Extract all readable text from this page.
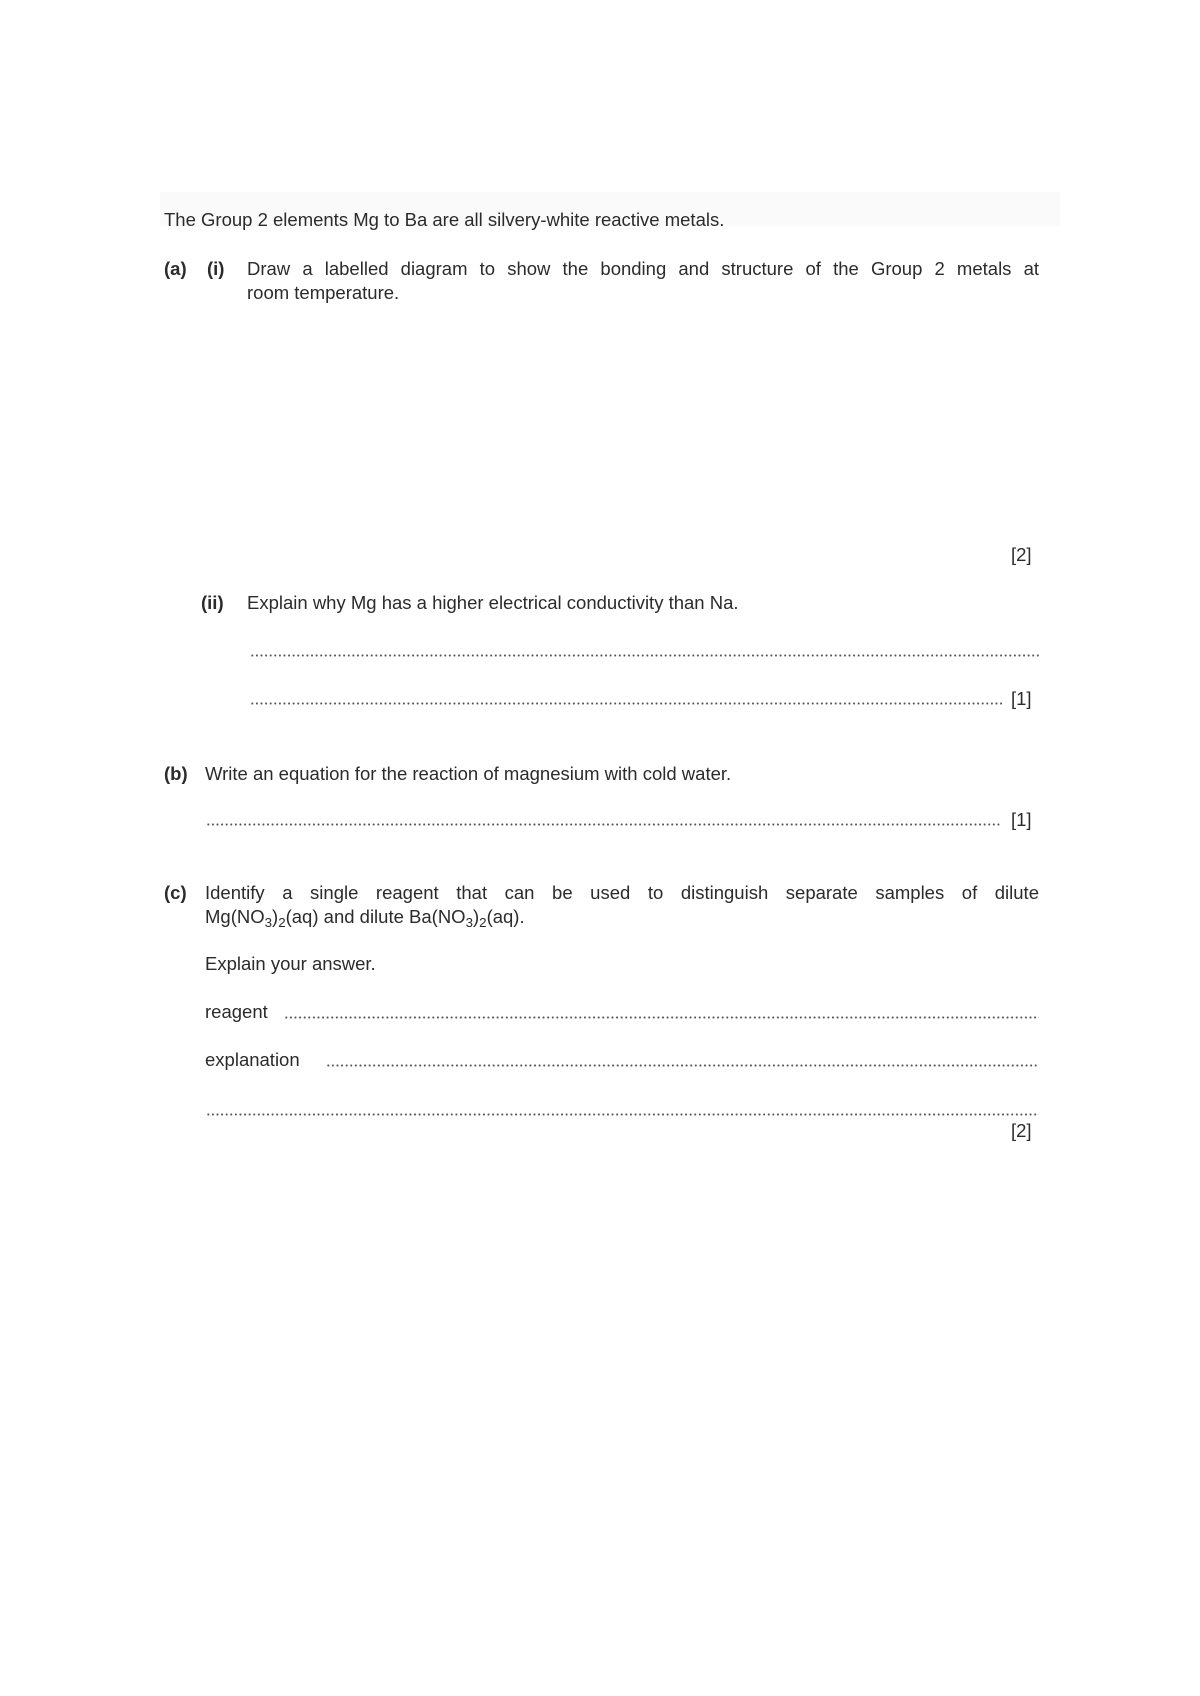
The Group 2 elements Mg to Ba are all silvery-white reactive metals.
(a) (i) Draw a labelled diagram to show the bonding and structure of the Group 2 metals at
room temperature.
[2]
(ii) Explain why Mg has a higher electrical conductivity than Na.
[1]
(b) Write an equation for the reaction of magnesium with cold water.
[1]
(c) Identify a single reagent that can be used to distinguish separate samples of dilute
$Mg(NO_3)_2(aq)$ and dilute $Ba(NO_3)_2(aq)$.
Explain your answer.
reagent
explanation
[2]
